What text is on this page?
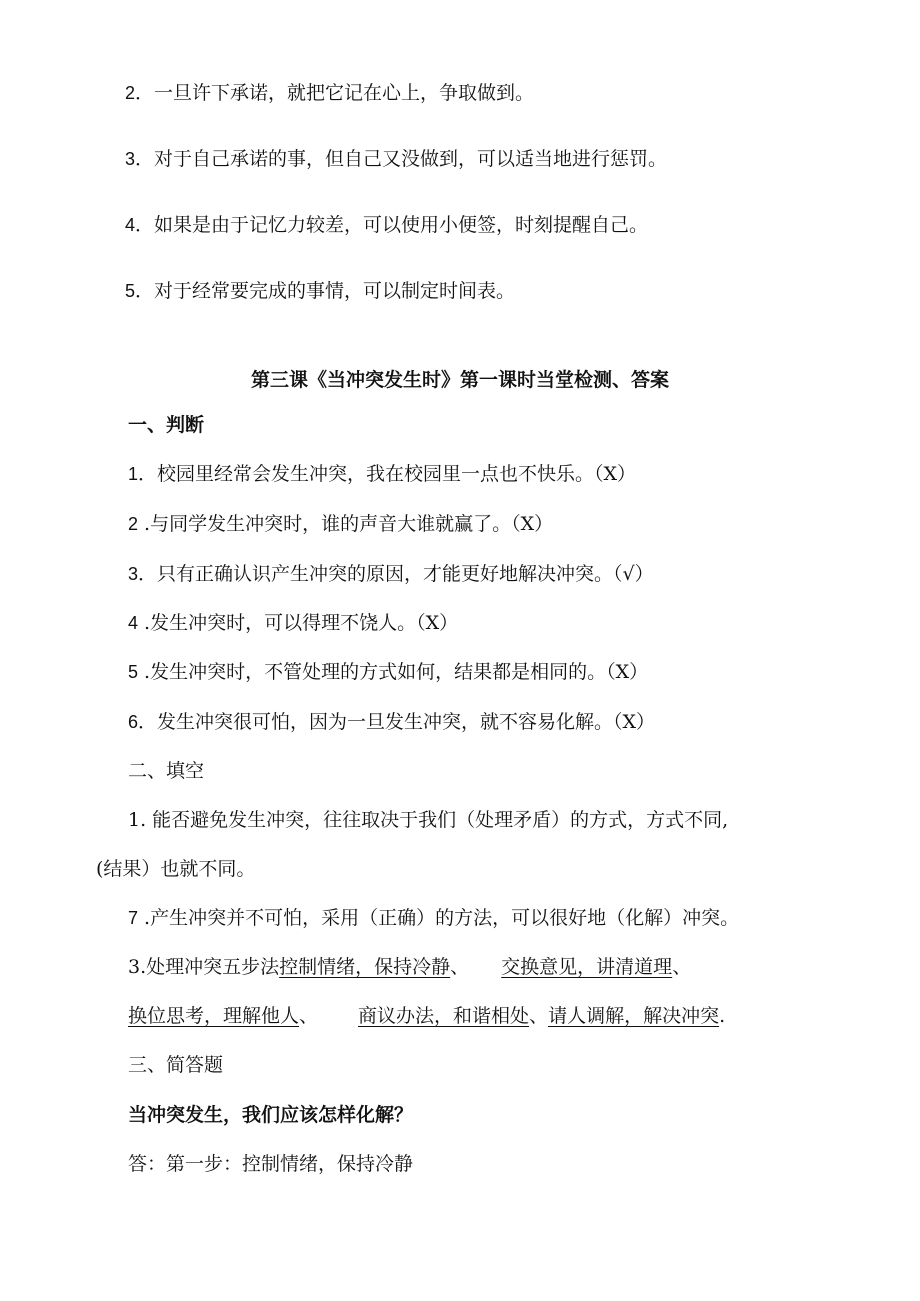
2．一旦许下承诺，就把它记在心上，争取做到。
3．对于自己承诺的事，但自己又没做到，可以适当地进行惩罚。
4．如果是由于记忆力较差，可以使用小便签，时刻提醒自己。
5．对于经常要完成的事情，可以制定时间表。
第三课《当冲突发生时》第一课时当堂检测、答案
一、判断
1．校园里经常会发生冲突，我在校园里一点也不快乐。（X）
2 .与同学发生冲突时，谁的声音大谁就赢了。（X）
3．只有正确认识产生冲突的原因，才能更好地解决冲突。（√）
4 .发生冲突时，可以得理不饶人。（X）
5 .发生冲突时，不管处理的方式如何，结果都是相同的。（X）
6．发生冲突很可怕，因为一旦发生冲突，就不容易化解。（X）
二、填空
1. 能否避免发生冲突，往往取决于我们（处理矛盾）的方式，方式不同,
(结果）也就不同。
7 .产生冲突并不可怕，采用（正确）的方法，可以很好地（化解）冲突。
3.处理冲突五步法控制情绪，保持冷静、 交换意见，讲清道理、
换位思考，理解他人、 商议办法，和谐相处、请人调解，解决冲突.
三、简答题
当冲突发生，我们应该怎样化解？
答：第一步：控制情绪，保持冷静
